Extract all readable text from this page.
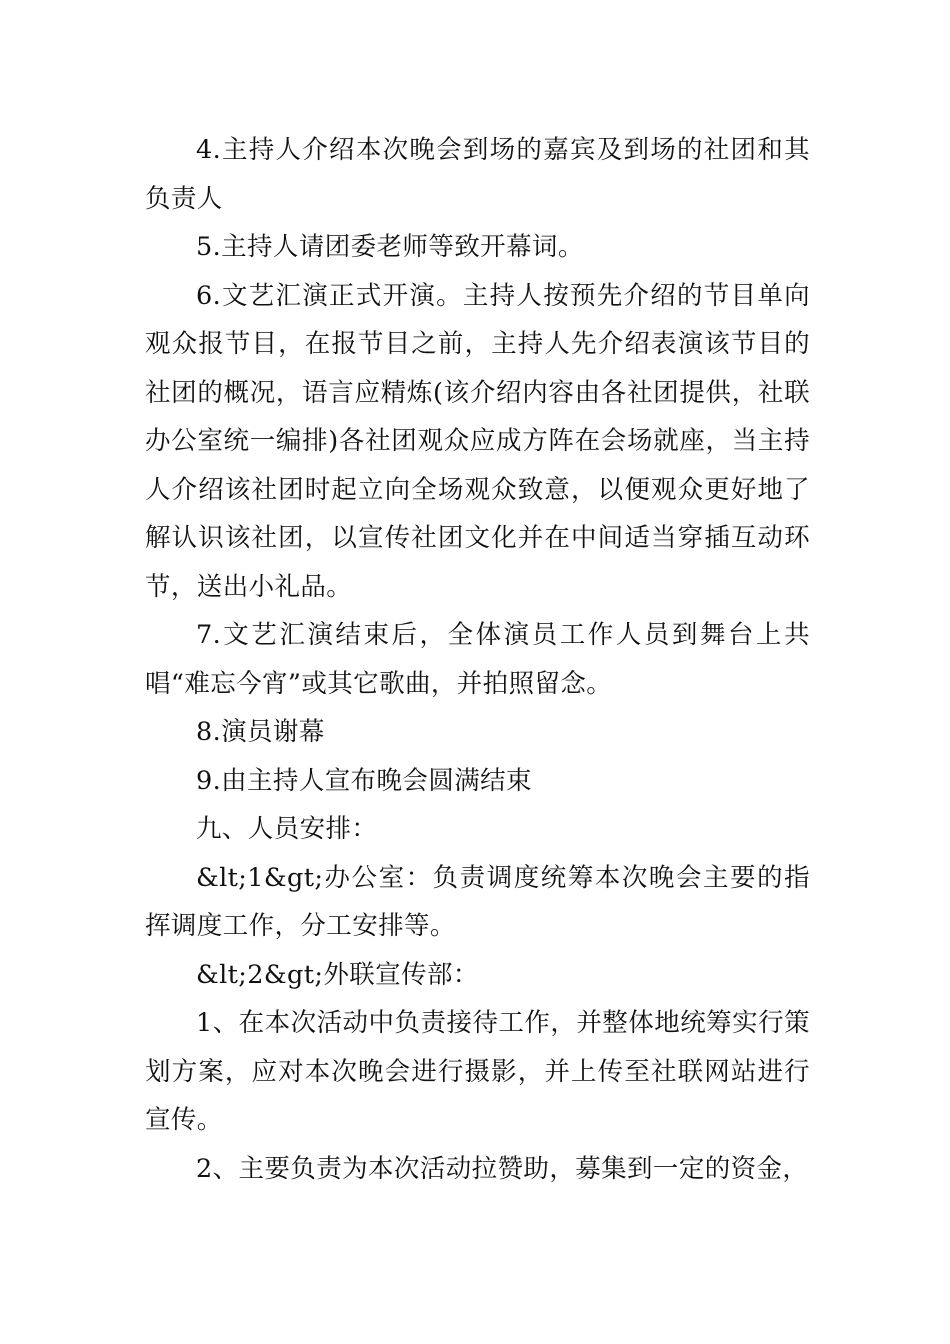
4.主持人介绍本次晚会到场的嘉宾及到场的社团和其负责人

5.主持人请团委老师等致开幕词。

6.文艺汇演正式开演。主持人按预先介绍的节目单向观众报节目，在报节目之前，主持人先介绍表演该节目的社团的概况，语言应精炼(该介绍内容由各社团提供，社联办公室统一编排)各社团观众应成方阵在会场就座，当主持人介绍该社团时起立向全场观众致意，以便观众更好地了解认识该社团，以宣传社团文化并在中间适当穿插互动环节，送出小礼品。

7.文艺汇演结束后，全体演员工作人员到舞台上共唱“难忘今宵”或其它歌曲，并拍照留念。

8.演员谢幕

9.由主持人宣布晚会圆满结束

九、人员安排：

&lt;1&gt;办公室：负责调度统筹本次晚会主要的指挥调度工作，分工安排等。

&lt;2&gt;外联宣传部：

1、在本次活动中负责接待工作，并整体地统筹实行策划方案，应对本次晚会进行摄影，并上传至社联网站进行宣传。

2、主要负责为本次活动拉赞助，募集到一定的资金，
